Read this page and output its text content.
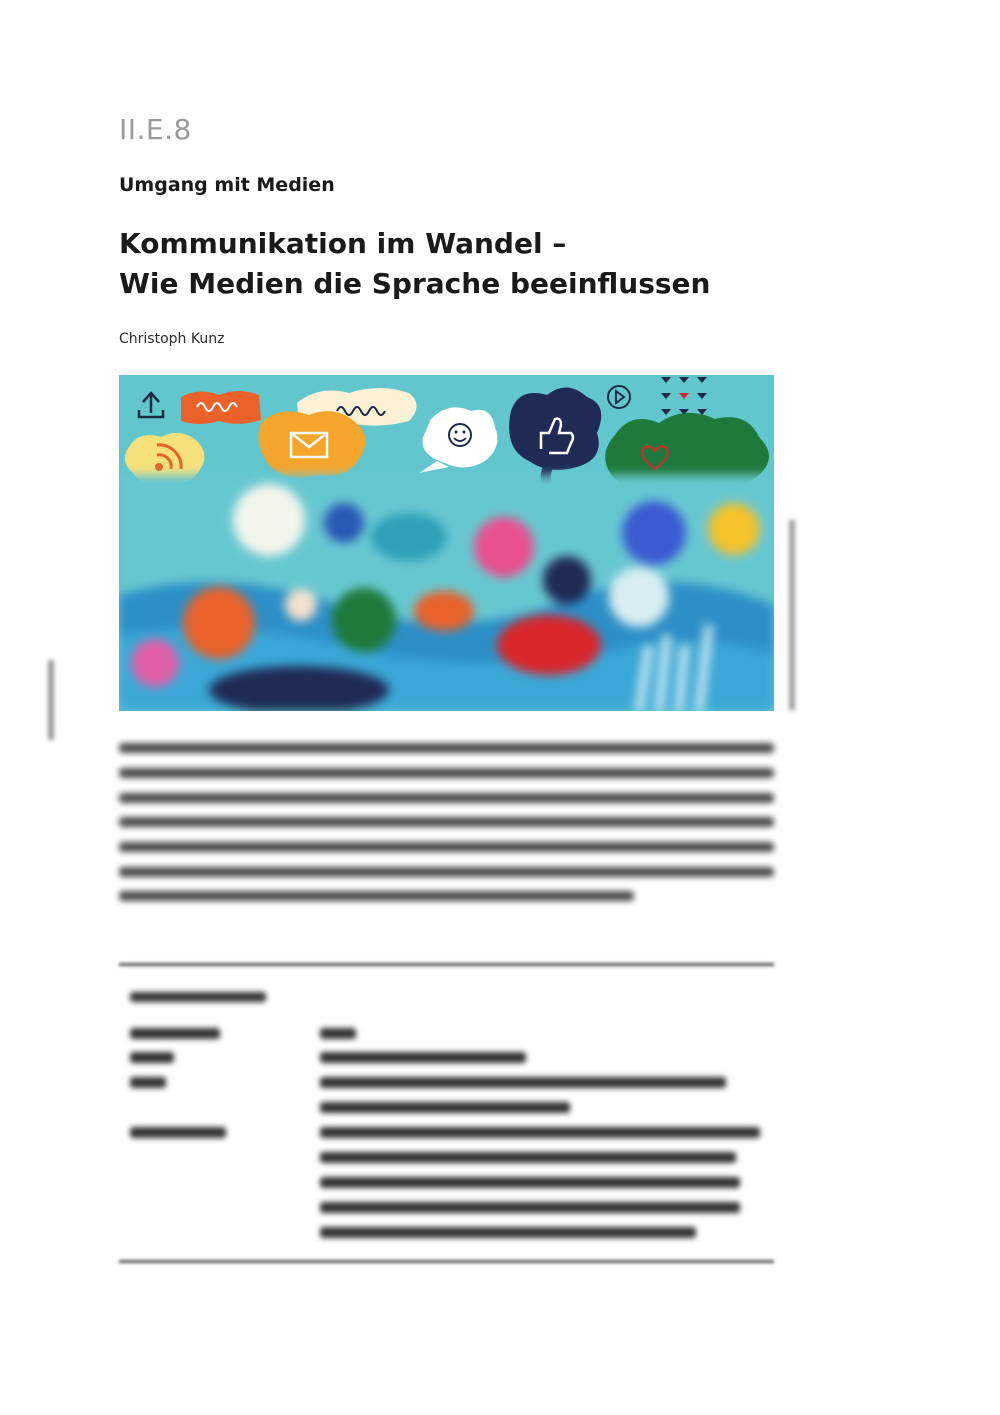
II.E.8
Umgang mit Medien
Kommunikation im Wandel –
Wie Medien die Sprache beeinflussen
Christoph Kunz
